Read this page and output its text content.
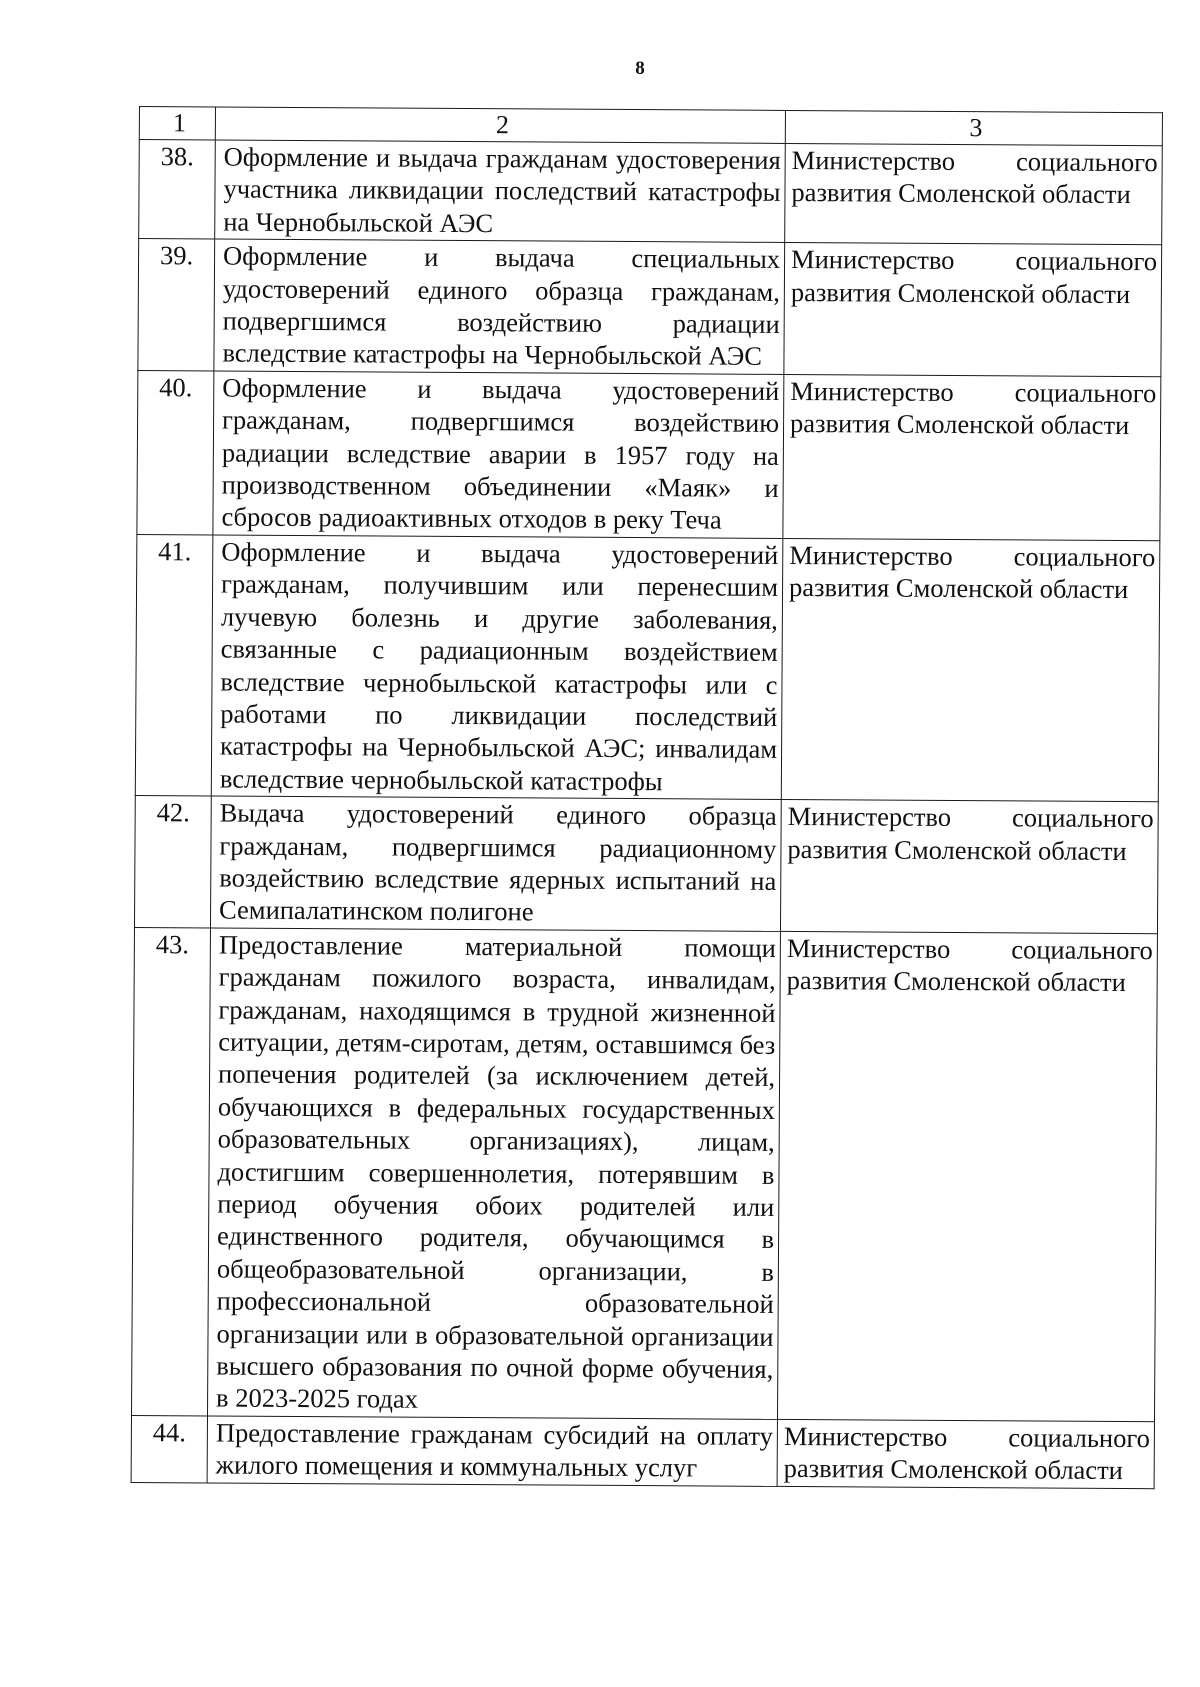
8
1	2	3
38.	Оформление и выдача гражданам удостоверения участника ликвидации последствий катастрофы на Чернобыльской АЭС	Министерство социального развития Смоленской области
39.	Оформление и выдача специальных удостоверений единого образца гражданам, подвергшимся воздействию радиации вследствие катастрофы на Чернобыльской АЭС	Министерство социального развития Смоленской области
40.	Оформление и выдача удостоверений гражданам, подвергшимся воздействию радиации вследствие аварии в 1957 году на производственном объединении «Маяк» и сбросов радиоактивных отходов в реку Теча	Министерство социального развития Смоленской области
41.	Оформление и выдача удостоверений гражданам, получившим или перенесшим лучевую болезнь и другие заболевания, связанные с радиационным воздействием вследствие чернобыльской катастрофы или с работами по ликвидации последствий катастрофы на Чернобыльской АЭС; инвалидам вследствие чернобыльской катастрофы	Министерство социального развития Смоленской области
42.	Выдача удостоверений единого образца гражданам, подвергшимся радиационному воздействию вследствие ядерных испытаний на Семипалатинском полигоне	Министерство социального развития Смоленской области
43.	Предоставление материальной помощи гражданам пожилого возраста, инвалидам, гражданам, находящимся в трудной жизненной ситуации, детям-сиротам, детям, оставшимся без попечения родителей (за исключением детей, обучающихся в федеральных государственных образовательных организациях), лицам, достигшим совершеннолетия, потерявшим в период обучения обоих родителей или единственного родителя, обучающимся в общеобразовательной организации, в профессиональной образовательной организации или в образовательной организации высшего образования по очной форме обучения, в 2023-2025 годах	Министерство социального развития Смоленской области
44.	Предоставление гражданам субсидий на оплату жилого помещения и коммунальных услуг	Министерство социального развития Смоленской области
